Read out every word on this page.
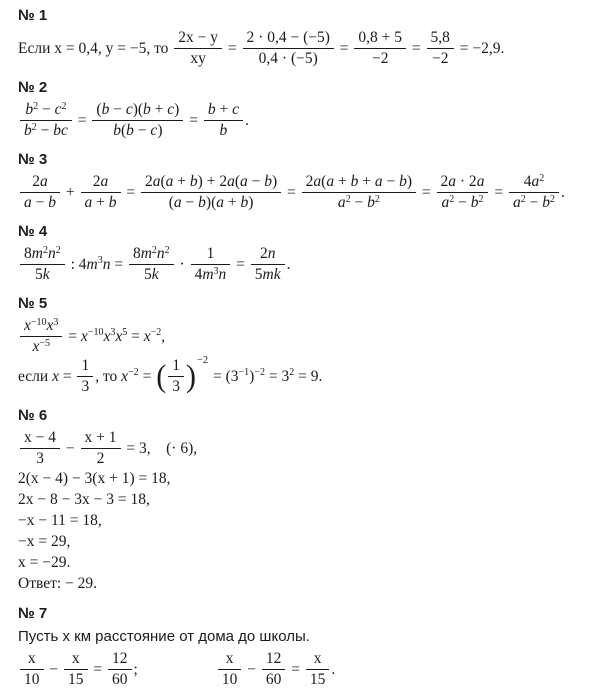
№ 1
Если x = 0,4, y = −5, то $\frac{2x - y}{xy} = \frac{2 \cdot 0,4 - (-5)}{0,4 \cdot (-5)} = \frac{0,8 + 5}{-2} = \frac{5,8}{-2} = -2,9$.
№ 2
$\frac{b^2 - c^2}{b^2 - bc} = \frac{(b - c)(b + c)}{b(b - c)} = \frac{b + c}{b}$ .
№ 3
$\frac{2a}{a - b} + \frac{2a}{a + b} = \frac{2a(a + b) + 2a(a - b)}{(a - b)(a + b)} = \frac{2a(a + b + a - b)}{a^2 - b^2} = \frac{2a \cdot 2a}{a^2 - b^2} = \frac{4a^2}{a^2 - b^2}$ .
№ 4
$\frac{8m^2n^2}{5k}$ : $4m^3n = \frac{8m^2n^2}{5k} \cdot \frac{1}{4m^3n} = \frac{2n}{5mk}$ .
№ 5
$\frac{x^{-10}x^3}{x^{-5}} = x^{-10}x^3x^5 = x^{-2}$,
если $x = \frac{1}{3}$ , то $x^{-2}$ = ( $\frac{1}{3}$ ) −2
= $(3^{-1})^{-2} = 3^2 = 9$.
№ 6
$\frac{x - 4}{3} - \frac{x + 1}{2} = 3$,    (· 6),
2(x − 4) − 3(x + 1) = 18,
2x − 8 − 3x − 3 = 18,
−x − 11 = 18,
−x = 29,
x = −29.
Ответ: − 29.
№ 7
Пусть x км расстояние от дома до школы.
$\frac{x}{10} - \frac{x}{15} = \frac{12}{60}$ ;	$\frac{x}{10} - \frac{12}{60} = \frac{x}{15}$ .
